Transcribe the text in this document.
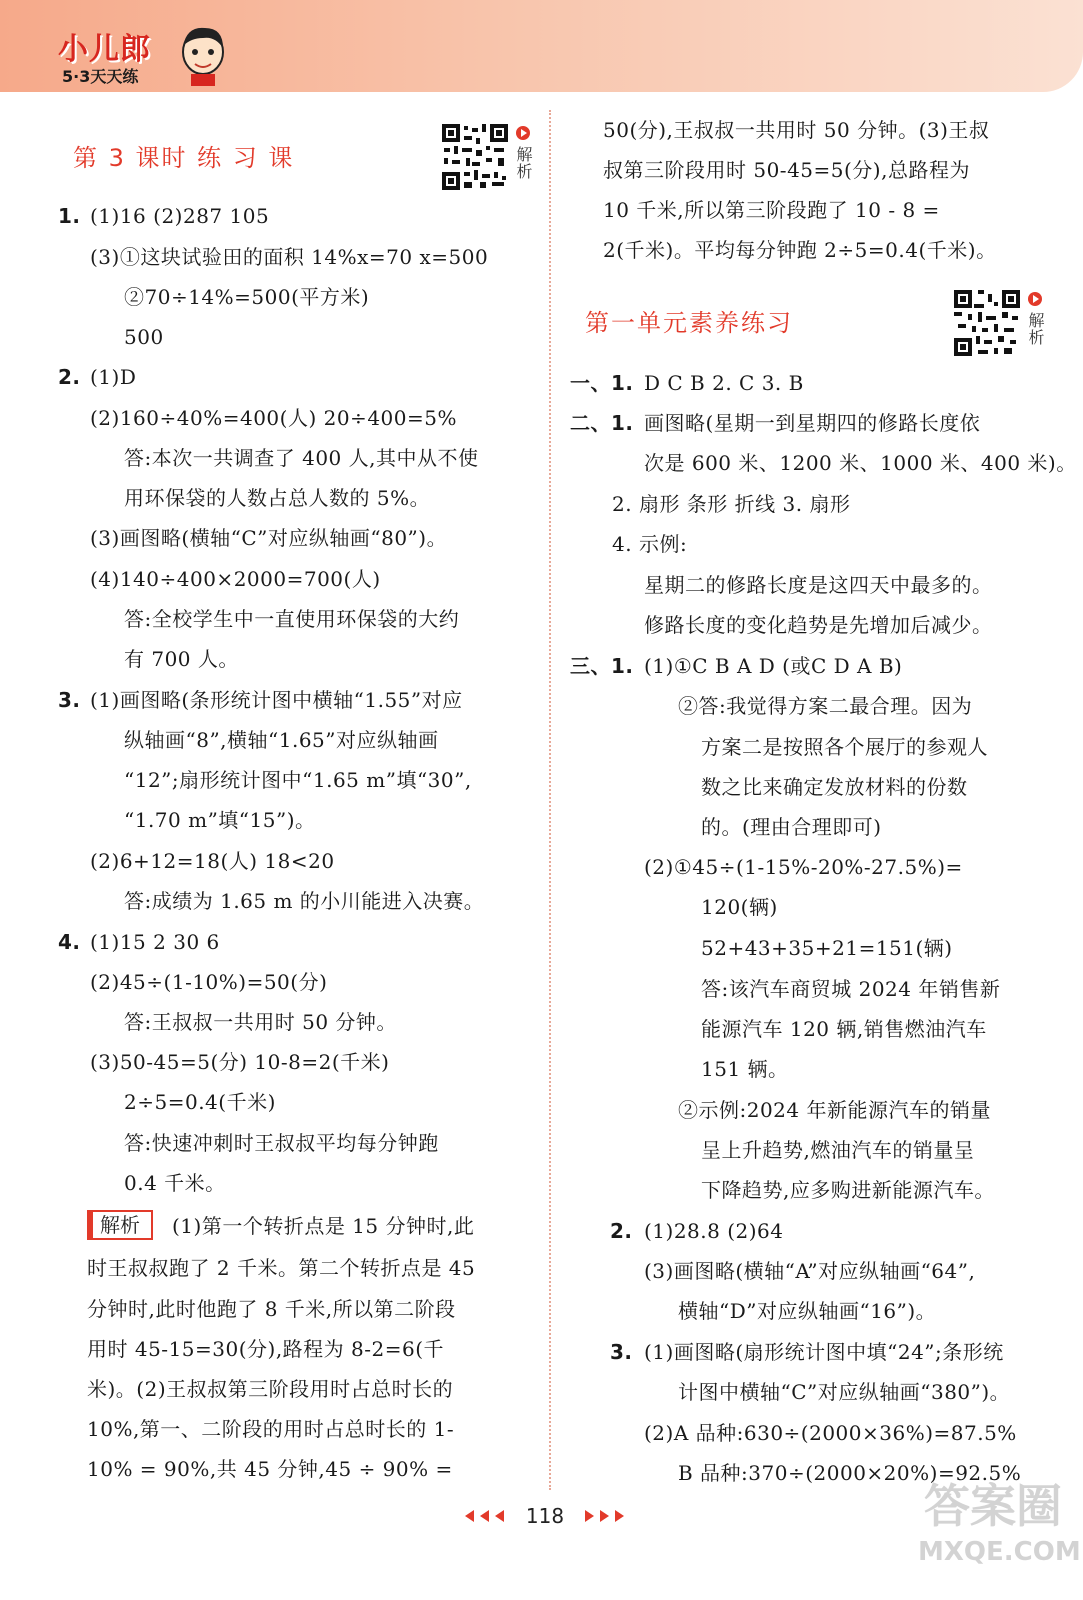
小儿郎
5·3天天练
第 3 课时 练 习 课	解析
1. (1)16 (2)287 105
(3)①这块试验田的面积 14%x=70 x=500
②70÷14%=500(平方米)
500
2. (1)D
(2)160÷40%=400(人) 20÷400=5%
答:本次一共调查了 400 人,其中从不使
用环保袋的人数占总人数的 5%。
(3)画图略(横轴“C”对应纵轴画“80”)。
(4)140÷400×2000=700(人)
答:全校学生中一直使用环保袋的大约
有 700 人。
3. (1)画图略(条形统计图中横轴“1.55”对应
纵轴画“8”,横轴“1.65”对应纵轴画
“12”;扇形统计图中“1.65 m”填“30”,
“1.70 m”填“15”)。
(2)6+12=18(人) 18<20
答:成绩为 1.65 m 的小川能进入决赛。
4. (1)15 2 30 6
(2)45÷(1-10%)=50(分)
答:王叔叔一共用时 50 分钟。
(3)50-45=5(分) 10-8=2(千米)
2÷5=0.4(千米)
答:快速冲刺时王叔叔平均每分钟跑
0.4 千米。
解析	(1)第一个转折点是 15 分钟时,此
时王叔叔跑了 2 千米。第二个转折点是 45
分钟时,此时他跑了 8 千米,所以第二阶段
用时 45-15=30(分),路程为 8-2=6(千
米)。(2)王叔叔第三阶段用时占总时长的
10%,第一、二阶段的用时占总时长的 1-
10% = 90%,共 45 分钟,45 ÷ 90% =
50(分),王叔叔一共用时 50 分钟。(3)王叔
叔第三阶段用时 50-45=5(分),总路程为
10 千米,所以第三阶段跑了 10 - 8 =
2(千米)。平均每分钟跑 2÷5=0.4(千米)。
第一单元素养练习	解析
一、1. D C B 2. C 3. B
二、1. 画图略(星期一到星期四的修路长度依
次是 600 米、1200 米、1000 米、400 米)。
2. 扇形 条形 折线 3. 扇形
4. 示例:
星期二的修路长度是这四天中最多的。
修路长度的变化趋势是先增加后减少。
三、1. (1)①C B A D (或C D A B)
②答:我觉得方案二最合理。因为
方案二是按照各个展厅的参观人
数之比来确定发放材料的份数
的。(理由合理即可)
(2)①45÷(1-15%-20%-27.5%)=
120(辆)
52+43+35+21=151(辆)
答:该汽车商贸城 2024 年销售新
能源汽车 120 辆,销售燃油汽车
151 辆。
②示例:2024 年新能源汽车的销量
呈上升趋势,燃油汽车的销量呈
下降趋势,应多购进新能源汽车。
2. (1)28.8 (2)64
(3)画图略(横轴“A”对应纵轴画“64”,
横轴“D”对应纵轴画“16”)。
3. (1)画图略(扇形统计图中填“24”;条形统
计图中横轴“C”对应纵轴画“380”)。
(2)A 品种:630÷(2000×36%)=87.5%
B 品种:370÷(2000×20%)=92.5%
118	答案圈
MXQE.COM
